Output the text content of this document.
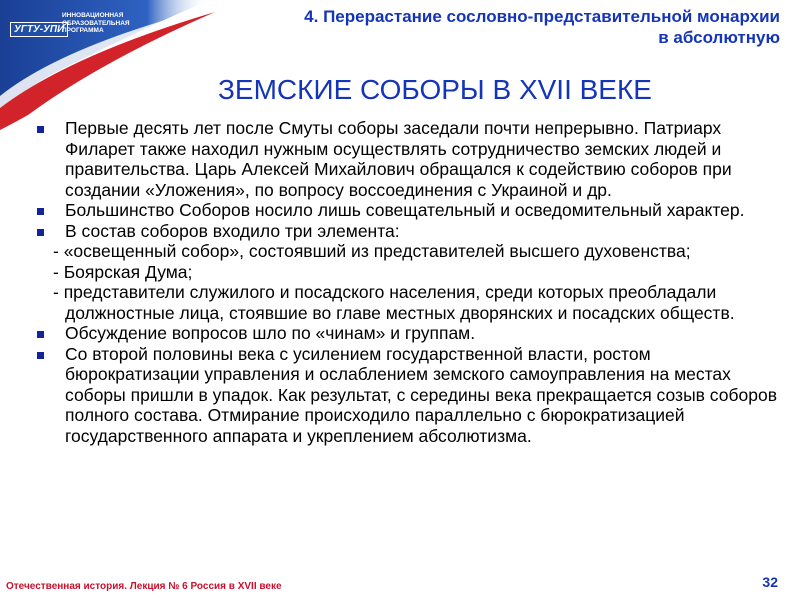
УГТУ-УПИ
ИННОВАЦИОННАЯ
ОБРАЗОВАТЕЛЬНАЯ
ПРОГРАММА
4. Перерастание сословно-представительной монархии
в абсолютную
ЗЕМСКИЕ СОБОРЫ В XVII ВЕКЕ
Первые десять лет после Смуты соборы заседали почти непрерывно. Патриарх Филарет также находил нужным осуществлять сотрудничество земских людей и правительства. Царь Алексей Михайлович обращался к содействию соборов при создании «Уложения», по вопросу воссоединения с Украиной и др.
Большинство Соборов носило лишь совещательный и осведомительный характер.
В состав соборов входило три элемента:
- «освещенный собор», состоявший из представителей высшего духовенства;
- Боярская Дума;
- представители служилого и посадского населения, среди которых преобладали должностные лица, стоявшие во главе местных дворянских и посадских обществ.
Обсуждение вопросов шло по «чинам» и группам.
Со второй половины века с усилением государственной власти, ростом бюрократизации управления и ослаблением земского самоуправления на местах соборы пришли в упадок. Как результат, с середины века прекращается созыв соборов полного состава. Отмирание происходило параллельно с бюрократизацией государственного аппарата и укреплением абсолютизма.
Отечественная история. Лекция № 6 Россия в XVII веке	32
